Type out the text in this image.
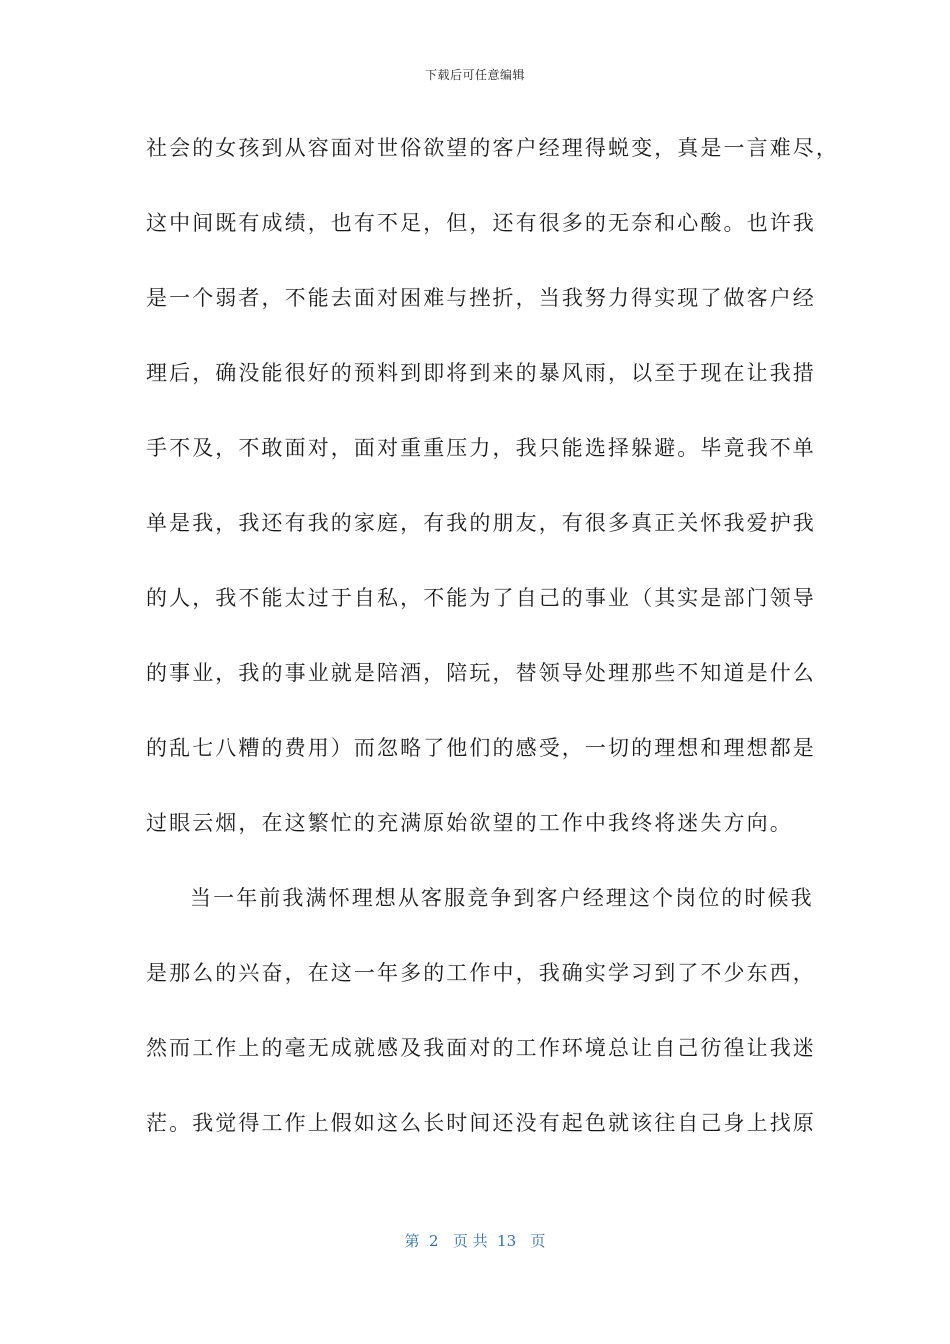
下载后可任意编辑
社会的女孩到从容面对世俗欲望的客户经理得蜕变，真是一言难尽，
这中间既有成绩，也有不足，但，还有很多的无奈和心酸。也许我
是一个弱者，不能去面对困难与挫折，当我努力得实现了做客户经
理后，确没能很好的预料到即将到来的暴风雨，以至于现在让我措
手不及，不敢面对，面对重重压力，我只能选择躲避。毕竟我不单
单是我，我还有我的家庭，有我的朋友，有很多真正关怀我爱护我
的人，我不能太过于自私，不能为了自己的事业（其实是部门领导
的事业，我的事业就是陪酒，陪玩，替领导处理那些不知道是什么
的乱七八糟的费用）而忽略了他们的感受，一切的理想和理想都是
过眼云烟，在这繁忙的充满原始欲望的工作中我终将迷失方向。
当一年前我满怀理想从客服竞争到客户经理这个岗位的时候我
是那么的兴奋，在这一年多的工作中，我确实学习到了不少东西，
然而工作上的毫无成就感及我面对的工作环境总让自己彷徨让我迷
茫。我觉得工作上假如这么长时间还没有起色就该往自己身上找原
第  2   页 共  13   页
